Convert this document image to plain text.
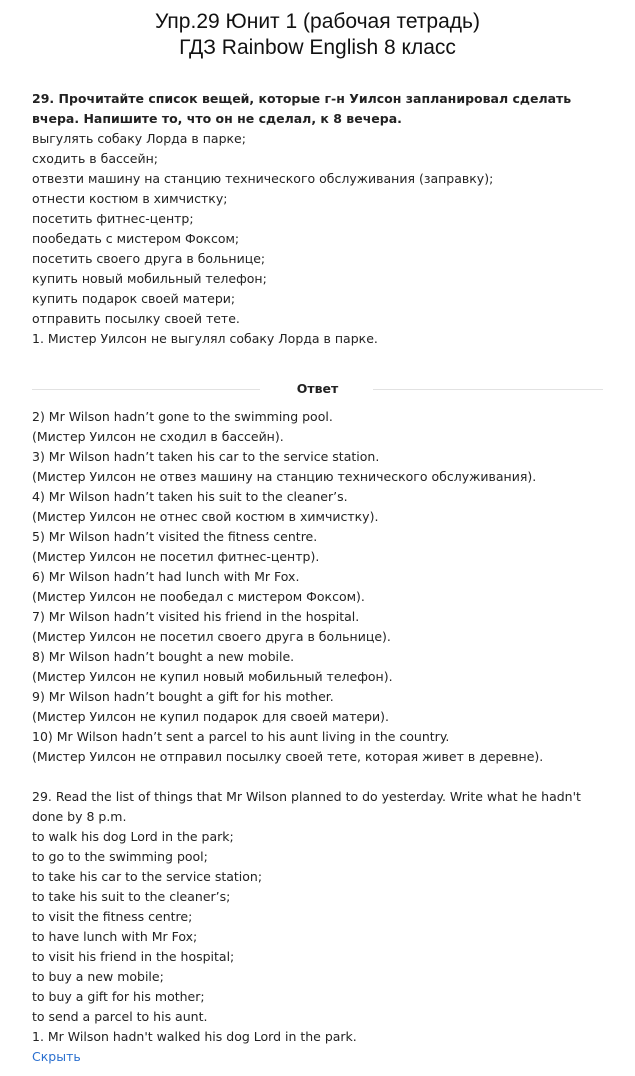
Упр.29 Юнит 1 (рабочая тетрадь)
ГДЗ Rainbow English 8 класс
29. Прочитайте список вещей, которые г-н Уилсон запланировал сделать вчера. Напишите то, что он не сделал, к 8 вечера.
выгулять собаку Лорда в парке;
сходить в бассейн;
отвезти машину на станцию технического обслуживания (заправку);
отнести костюм в химчистку;
посетить фитнес-центр;
пообедать с мистером Фоксом;
посетить своего друга в больнице;
купить новый мобильный телефон;
купить подарок своей матери;
отправить посылку своей тете.
1. Мистер Уилсон не выгулял собаку Лорда в парке.
Ответ
2) Mr Wilson hadn’t gone to the swimming pool.
(Мистер Уилсон не сходил в бассейн).
3) Mr Wilson hadn’t taken his car to the service station.
(Мистер Уилсон не отвез машину на станцию технического обслуживания).
4) Mr Wilson hadn’t taken his suit to the cleaner’s.
(Мистер Уилсон не отнес свой костюм в химчистку).
5) Mr Wilson hadn’t visited the fitness centre.
(Мистер Уилсон не посетил фитнес-центр).
6) Mr Wilson hadn’t had lunch with Mr Fox.
(Мистер Уилсон не пообедал с мистером Фоксом).
7) Mr Wilson hadn’t visited his friend in the hospital.
(Мистер Уилсон не посетил своего друга в больнице).
8) Mr Wilson hadn’t bought a new mobile.
(Мистер Уилсон не купил новый мобильный телефон).
9) Mr Wilson hadn’t bought a gift for his mother.
(Мистер Уилсон не купил подарок для своей матери).
10) Mr Wilson hadn’t sent a parcel to his aunt living in the country.
(Мистер Уилсон не отправил посылку своей тете, которая живет в деревне).
29. Read the list of things that Mr Wilson planned to do yesterday. Write what he hadn't done by 8 p.m.
to walk his dog Lord in the park;
to go to the swimming pool;
to take his car to the service station;
to take his suit to the cleaner’s;
to visit the fitness centre;
to have lunch with Mr Fox;
to visit his friend in the hospital;
to buy a new mobile;
to buy a gift for his mother;
to send a parcel to his aunt.
1. Mr Wilson hadn't walked his dog Lord in the park.
Скрыть
